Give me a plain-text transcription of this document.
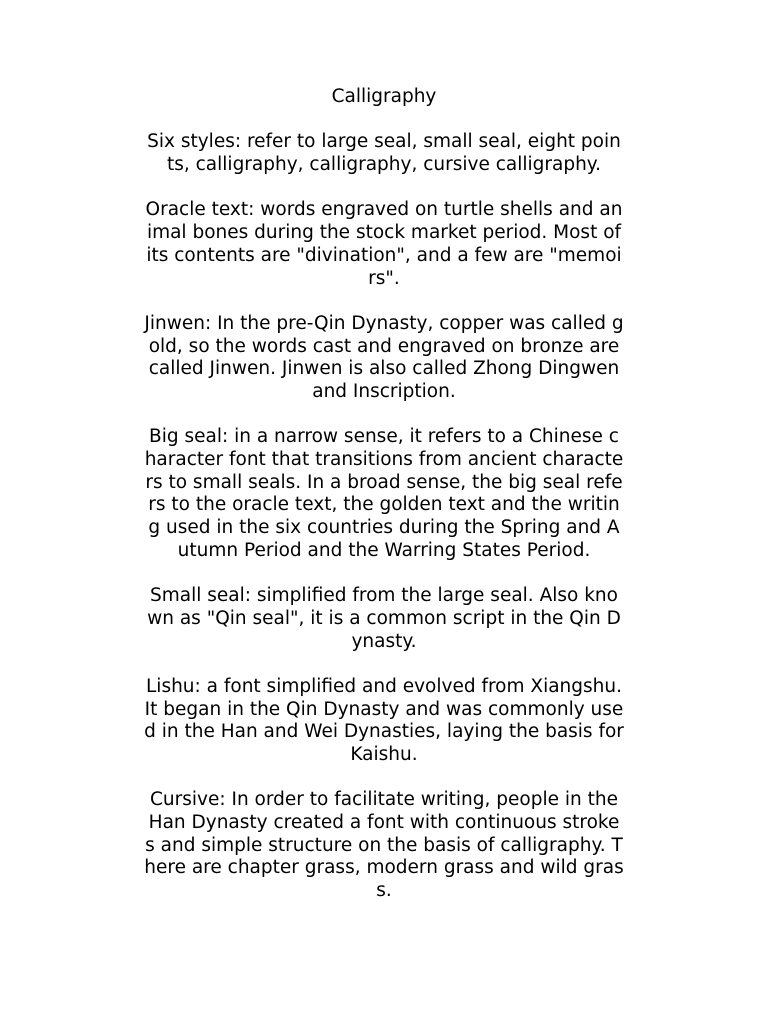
Calligraphy
Six styles: refer to large seal, small seal, eight poin
ts, calligraphy, calligraphy, cursive calligraphy.
Oracle text: words engraved on turtle shells and an
imal bones during the stock market period. Most of
its contents are "divination", and a few are "memoi
rs".
Jinwen: In the pre-Qin Dynasty, copper was called g
old, so the words cast and engraved on bronze are
called Jinwen. Jinwen is also called Zhong Dingwen
and Inscription.
Big seal: in a narrow sense, it refers to a Chinese c
haracter font that transitions from ancient characte
rs to small seals. In a broad sense, the big seal refe
rs to the oracle text, the golden text and the writin
g used in the six countries during the Spring and A
utumn Period and the Warring States Period.
Small seal: simplified from the large seal. Also kno
wn as "Qin seal", it is a common script in the Qin D
ynasty.
Lishu: a font simplified and evolved from Xiangshu.
It began in the Qin Dynasty and was commonly use
d in the Han and Wei Dynasties, laying the basis for
Kaishu.
Cursive: In order to facilitate writing, people in the
Han Dynasty created a font with continuous stroke
s and simple structure on the basis of calligraphy. T
here are chapter grass, modern grass and wild gras
s.
